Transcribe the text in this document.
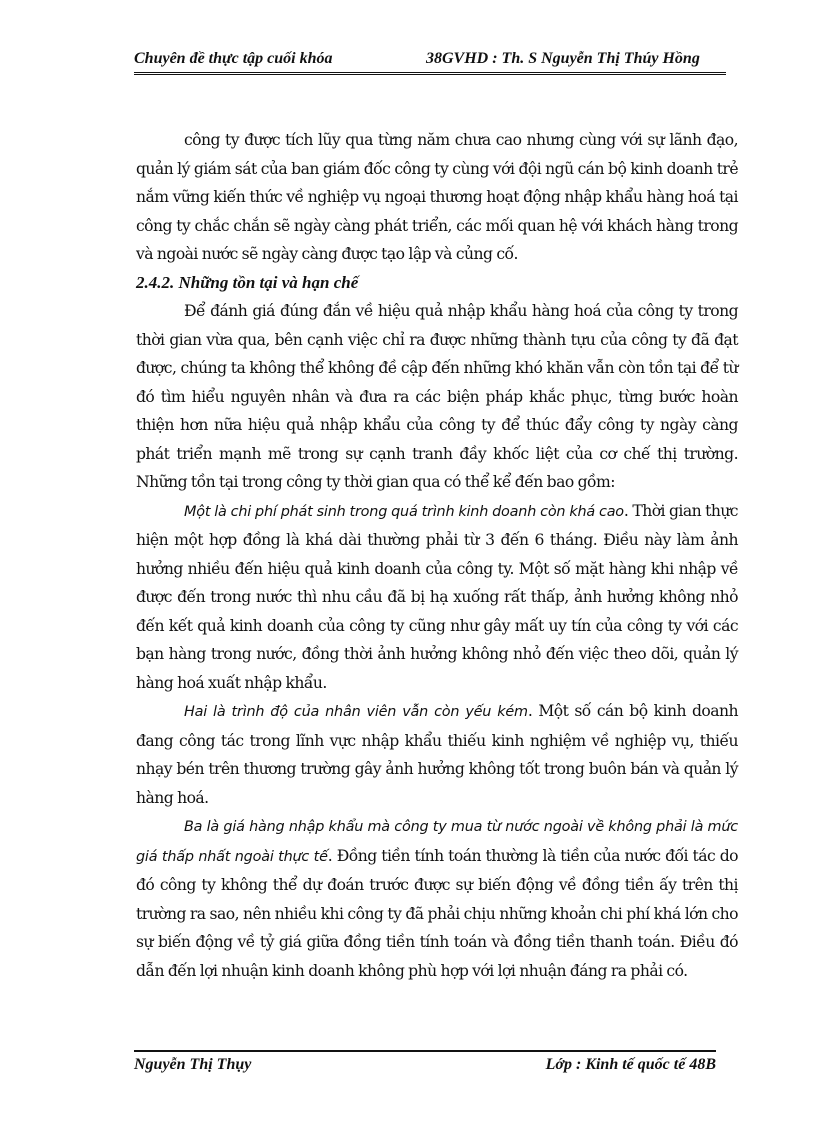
Chuyên đề thực tập cuối khóa	38GVHD : Th. S Nguyễn Thị Thúy Hồng

công ty được tích lũy qua từng năm chưa cao nhưng cùng với sự lãnh đạo, quản lý giám sát của ban giám đốc công ty cùng với đội ngũ cán bộ kinh doanh trẻ nắm vững kiến thức về nghiệp vụ ngoại thương hoạt động nhập khẩu hàng hoá tại công ty chắc chắn sẽ ngày càng phát triển, các mối quan hệ với khách hàng trong và ngoài nước sẽ ngày càng được tạo lập và củng cố.

2.4.2. Những tồn tại và hạn chế

Để đánh giá đúng đắn về hiệu quả nhập khẩu hàng hoá của công ty trong thời gian vừa qua, bên cạnh việc chỉ ra được những thành tựu của công ty đã đạt được, chúng ta không thể không đề cập đến những khó khăn vẫn còn tồn tại để từ đó tìm hiểu nguyên nhân và đưa ra các biện pháp khắc phục, từng bước hoàn thiện hơn nữa hiệu quả nhập khẩu của công ty để thúc đẩy công ty ngày càng phát triển mạnh mẽ trong sự cạnh tranh đầy khốc liệt của cơ chế thị trường. Những tồn tại trong công ty thời gian qua có thể kể đến bao gồm:

Một là chi phí phát sinh trong quá trình kinh doanh còn khá cao. Thời gian thực hiện một hợp đồng là khá dài thường phải từ 3 đến 6 tháng. Điều này làm ảnh hưởng nhiều đến hiệu quả kinh doanh của công ty. Một số mặt hàng khi nhập về được đến trong nước thì nhu cầu đã bị hạ xuống rất thấp, ảnh hưởng không nhỏ đến kết quả kinh doanh của công ty cũng như gây mất uy tín của công ty với các bạn hàng trong nước, đồng thời ảnh hưởng không nhỏ đến việc theo dõi, quản lý hàng hoá xuất nhập khẩu.

Hai là trình độ của nhân viên vẫn còn yếu kém. Một số cán bộ kinh doanh đang công tác trong lĩnh vực nhập khẩu thiếu kinh nghiệm về nghiệp vụ, thiếu nhạy bén trên thương trường gây ảnh hưởng không tốt trong buôn bán và quản lý hàng hoá.

Ba là giá hàng nhập khẩu mà công ty mua từ nước ngoài về không phải là mức giá thấp nhất ngoài thực tế. Đồng tiền tính toán thường là tiền của nước đối tác do đó công ty không thể dự đoán trước được sự biến động về đồng tiền ấy trên thị trường ra sao, nên nhiều khi công ty đã phải chịu những khoản chi phí khá lớn cho sự biến động về tỷ giá giữa đồng tiền tính toán và đồng tiền thanh toán. Điều đó dẫn đến lợi nhuận kinh doanh không phù hợp với lợi nhuận đáng ra phải có.

Nguyễn Thị Thụy	Lớp : Kinh tế quốc tế 48B
